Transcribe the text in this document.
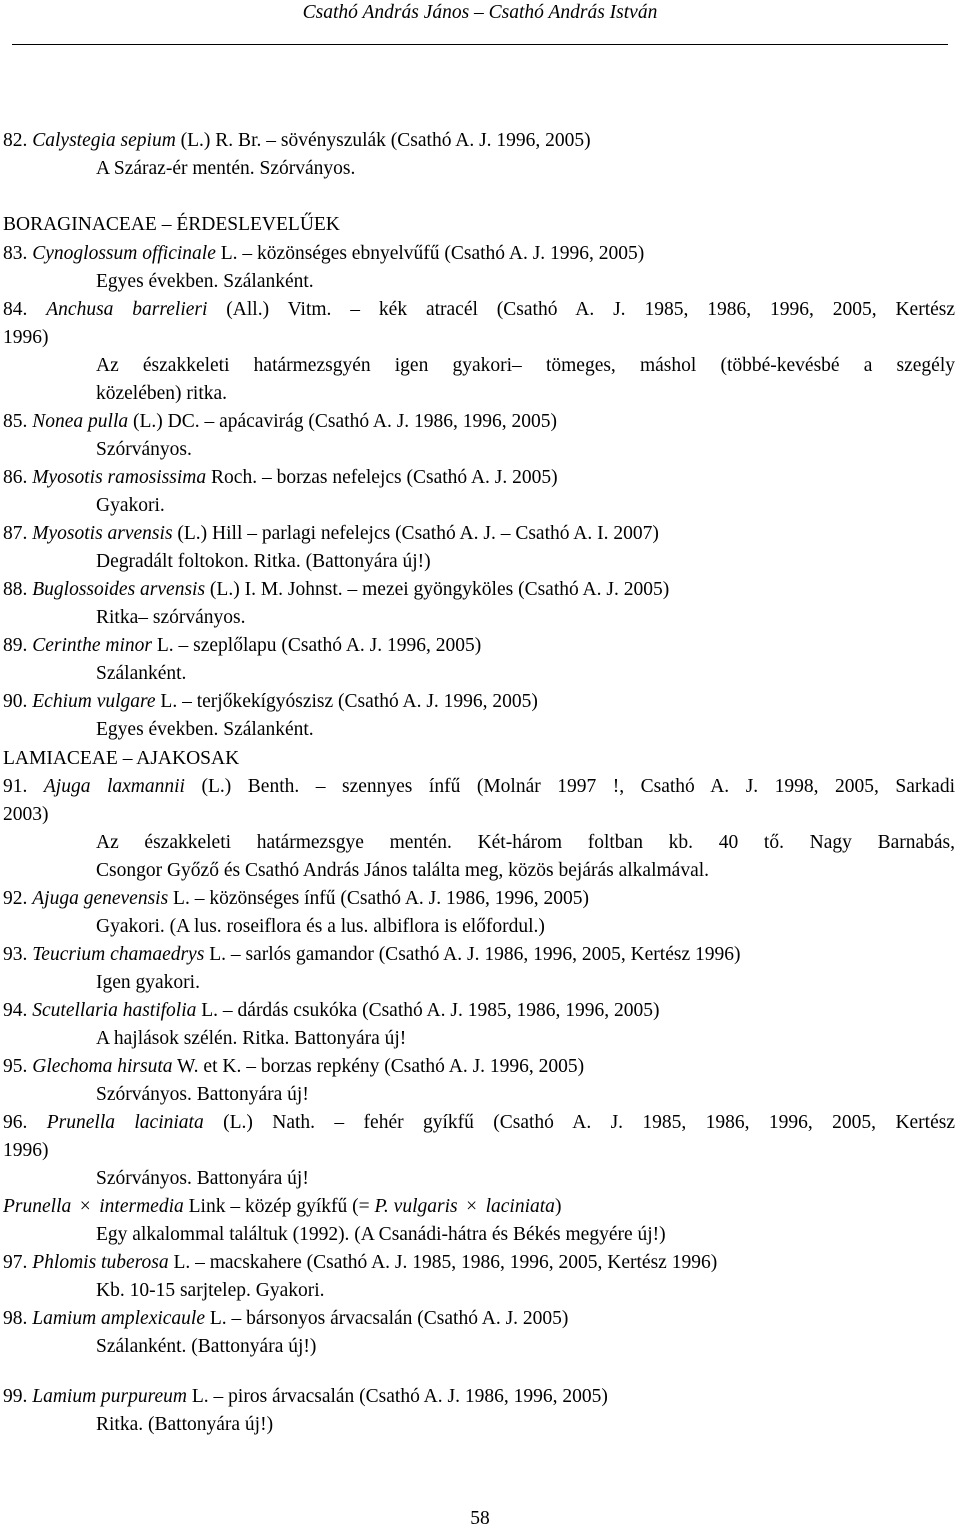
Csathó András János – Csathó András István
82. Calystegia sepium (L.) R. Br. – sövényszulák (Csathó A. J. 1996, 2005)
A Száraz-ér mentén. Szórványos.
BORAGINACEAE – ÉRDESLEVELŰEK
83. Cynoglossum officinale L. – közönséges ebnyelvűfű (Csathó A. J. 1996, 2005)
Egyes években. Szálanként.
84. Anchusa barrelieri (All.) Vitm. – kék atracél (Csathó A. J. 1985, 1986, 1996, 2005, Kertész
1996)
Az északkeleti határmezsgyén igen gyakori– tömeges, máshol (többé-kevésbé a szegély
közelében) ritka.
85. Nonea pulla (L.) DC. – apácavirág (Csathó A. J. 1986, 1996, 2005)
Szórványos.
86. Myosotis ramosissima Roch. – borzas nefelejcs (Csathó A. J. 2005)
Gyakori.
87. Myosotis arvensis (L.) Hill – parlagi nefelejcs (Csathó A. J. – Csathó A. I. 2007)
Degradált foltokon. Ritka. (Battonyára új!)
88. Buglossoides arvensis (L.) I. M. Johnst. – mezei gyöngyköles (Csathó A. J. 2005)
Ritka– szórványos.
89. Cerinthe minor L. – szeplőlapu (Csathó A. J. 1996, 2005)
Szálanként.
90. Echium vulgare L. – terjőkekígyószisz (Csathó A. J. 1996, 2005)
Egyes években. Szálanként.
LAMIACEAE – AJAKOSAK
91. Ajuga laxmannii (L.) Benth. – szennyes ínfű (Molnár 1997 !, Csathó A. J. 1998, 2005, Sarkadi
2003)
Az északkeleti határmezsgye mentén. Két-három foltban kb. 40 tő. Nagy Barnabás,
Csongor Győző és Csathó András János találta meg, közös bejárás alkalmával.
92. Ajuga genevensis L. – közönséges ínfű (Csathó A. J. 1986, 1996, 2005)
Gyakori. (A lus. roseiflora és a lus. albiflora is előfordul.)
93. Teucrium chamaedrys L. – sarlós gamandor (Csathó A. J. 1986, 1996, 2005, Kertész 1996)
Igen gyakori.
94. Scutellaria hastifolia L. – dárdás csukóka (Csathó A. J. 1985, 1986, 1996, 2005)
A hajlások szélén. Ritka. Battonyára új!
95. Glechoma hirsuta W. et K. – borzas repkény (Csathó A. J. 1996, 2005)
Szórványos. Battonyára új!
96. Prunella laciniata (L.) Nath. – fehér gyíkfű (Csathó A. J. 1985, 1986, 1996, 2005, Kertész
1996)
Szórványos. Battonyára új!
Prunella × intermedia Link – közép gyíkfű (= P. vulgaris × laciniata)
Egy alkalommal találtuk (1992). (A Csanádi-hátra és Békés megyére új!)
97. Phlomis tuberosa L. – macskahere (Csathó A. J. 1985, 1986, 1996, 2005, Kertész 1996)
Kb. 10-15 sarjtelep. Gyakori.
98. Lamium amplexicaule L. – bársonyos árvacsalán (Csathó A. J. 2005)
Szálanként. (Battonyára új!)
99. Lamium purpureum L. – piros árvacsalán (Csathó A. J. 1986, 1996, 2005)
Ritka. (Battonyára új!)
58
